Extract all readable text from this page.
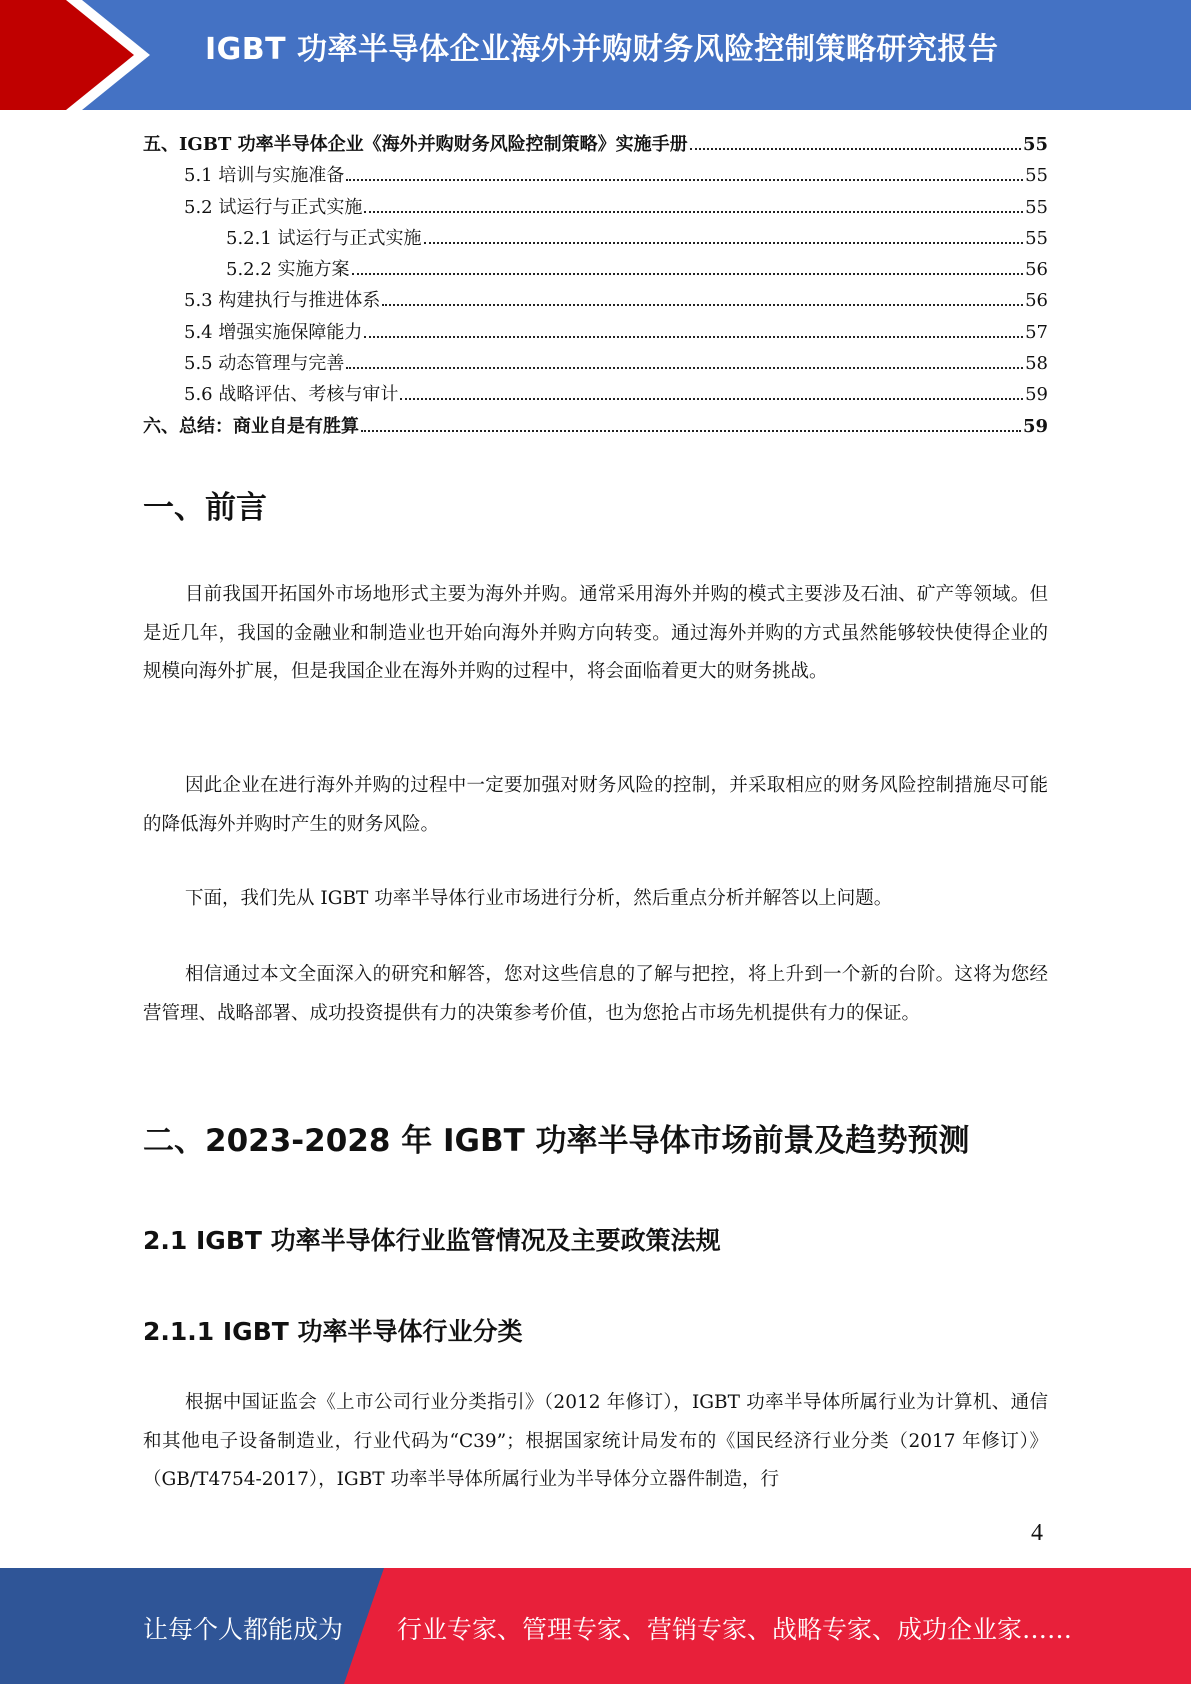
IGBT 功率半导体企业海外并购财务风险控制策略研究报告
五、IGBT 功率半导体企业《海外并购财务风险控制策略》实施手册	55
5.1 培训与实施准备	55
5.2 试运行与正式实施	55
5.2.1 试运行与正式实施	55
5.2.2 实施方案	56
5.3 构建执行与推进体系	56
5.4 增强实施保障能力	57
5.5 动态管理与完善	58
5.6 战略评估、考核与审计	59
六、总结：商业自是有胜算	59
一、前言
目前我国开拓国外市场地形式主要为海外并购。通常采用海外并购的模式主要涉及石油、矿产等领域。但是近几年，我国的金融业和制造业也开始向海外并购方向转变。通过海外并购的方式虽然能够较快使得企业的规模向海外扩展，但是我国企业在海外并购的过程中，将会面临着更大的财务挑战。
因此企业在进行海外并购的过程中一定要加强对财务风险的控制，并采取相应的财务风险控制措施尽可能的降低海外并购时产生的财务风险。
下面，我们先从 IGBT 功率半导体行业市场进行分析，然后重点分析并解答以上问题。
相信通过本文全面深入的研究和解答，您对这些信息的了解与把控，将上升到一个新的台阶。这将为您经营管理、战略部署、成功投资提供有力的决策参考价值，也为您抢占市场先机提供有力的保证。
二、2023-2028 年 IGBT 功率半导体市场前景及趋势预测
2.1 IGBT 功率半导体行业监管情况及主要政策法规
2.1.1 IGBT 功率半导体行业分类
根据中国证监会《上市公司行业分类指引》（2012 年修订），IGBT 功率半导体所属行业为计算机、通信和其他电子设备制造业，行业代码为“C39”；根据国家统计局发布的《国民经济行业分类（2017 年修订）》（GB/T4754-2017），IGBT 功率半导体所属行业为半导体分立器件制造，行
4
让每个人都能成为 行业专家、管理专家、营销专家、战略专家、成功企业家……
